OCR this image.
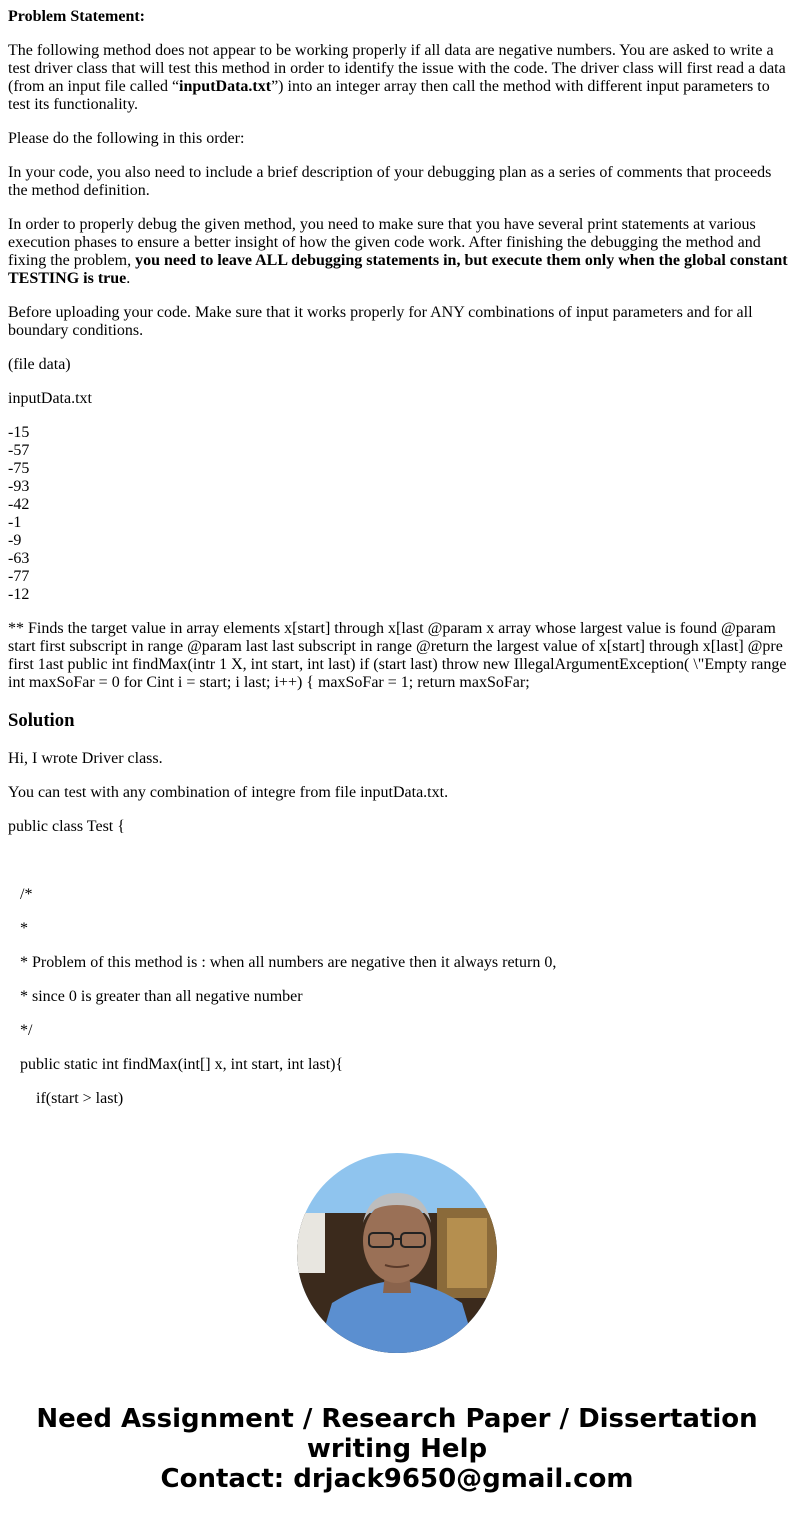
Problem Statement:

The following method does not appear to be working properly if all data are negative numbers. You are asked to write a test driver class that will test this method in order to identify the issue with the code. The driver class will first read a data (from an input file called “inputData.txt”) into an integer array then call the method with different input parameters to test its functionality.

Please do the following in this order:

In your code, you also need to include a brief description of your debugging plan as a series of comments that proceeds the method definition.

In order to properly debug the given method, you need to make sure that you have several print statements at various execution phases to ensure a better insight of how the given code work. After finishing the debugging the method and fixing the problem, you need to leave ALL debugging statements in, but execute them only when the global constant TESTING is true.

Before uploading your code. Make sure that it works properly for ANY combinations of input parameters and for all boundary conditions.

(file data)

inputData.txt

-15
-57
-75
-93
-42
-1
-9
-63
-77
-12

** Finds the target value in array elements x[start] through x[last @param x array whose largest value is found @param start first subscript in range @param last last subscript in range @return the largest value of x[start] through x[last] @pre first 1ast public int findMax(intr 1 X, int start, int last) if (start last) throw new IllegalArgumentException( \"Empty range int maxSoFar = 0 for Cint i = start; i last; i++) { maxSoFar = 1; return maxSoFar;

Solution

Hi, I wrote Driver class.

You can test with any combination of integre from file inputData.txt.

public class Test {

/*

*

* Problem of this method is : when all numbers are negative then it always return 0,

* since 0 is greater than all negative number

*/

public static int findMax(int[] x, int start, int last){

if(start > last)

Need Assignment / Research Paper / Dissertation
writing Help
Contact: drjack9650@gmail.com
